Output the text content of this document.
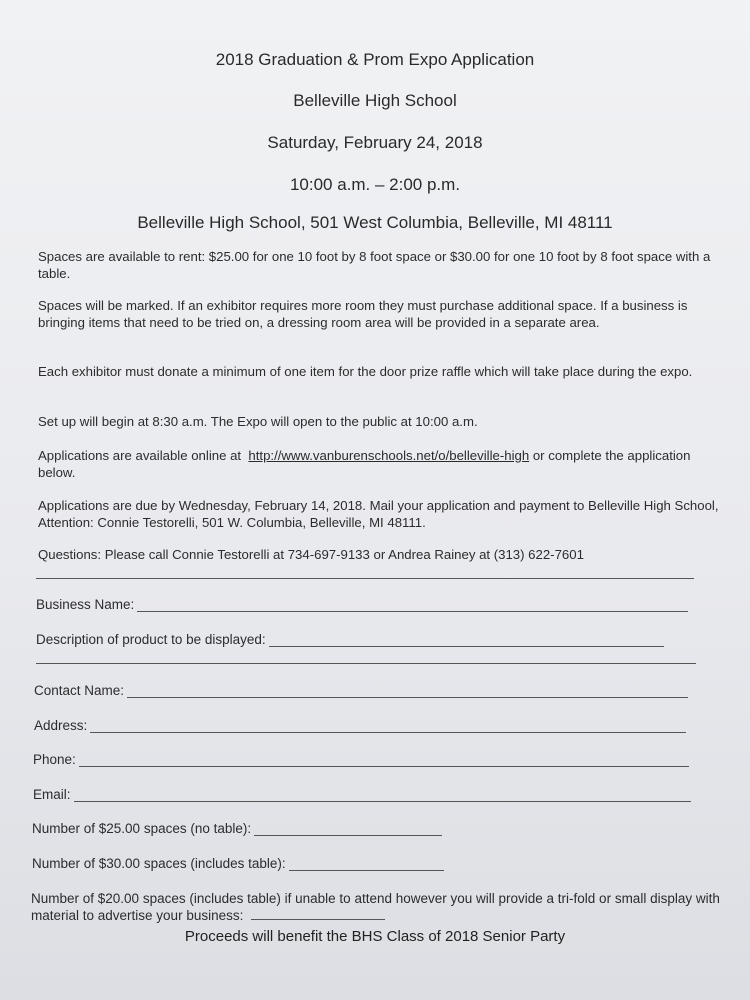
2018 Graduation & Prom Expo Application
Belleville High School
Saturday, February 24, 2018
10:00 a.m. – 2:00 p.m.
Belleville High School, 501 West Columbia, Belleville, MI 48111
Spaces are available to rent: $25.00 for one 10 foot by 8 foot space or $30.00 for one 10 foot by 8 foot space with a table.
Spaces will be marked. If an exhibitor requires more room they must purchase additional space. If a business is bringing items that need to be tried on, a dressing room area will be provided in a separate area.
Each exhibitor must donate a minimum of one item for the door prize raffle which will take place during the expo.
Set up will begin at 8:30 a.m. The Expo will open to the public at 10:00 a.m.
Applications are available online at http://www.vanburenschools.net/o/belleville-high or complete the application below.
Applications are due by Wednesday, February 14, 2018. Mail your application and payment to Belleville High School, Attention: Connie Testorelli, 501 W. Columbia, Belleville, MI 48111.
Questions: Please call Connie Testorelli at 734-697-9133 or Andrea Rainey at (313) 622-7601
Business Name:
Description of product to be displayed:
Contact Name:
Address:
Phone:
Email:
Number of $25.00 spaces (no table):
Number of $30.00 spaces (includes table):
Number of $20.00 spaces (includes table) if unable to attend however you will provide a tri-fold or small display with material to advertise your business:
Proceeds will benefit the BHS Class of 2018 Senior Party
